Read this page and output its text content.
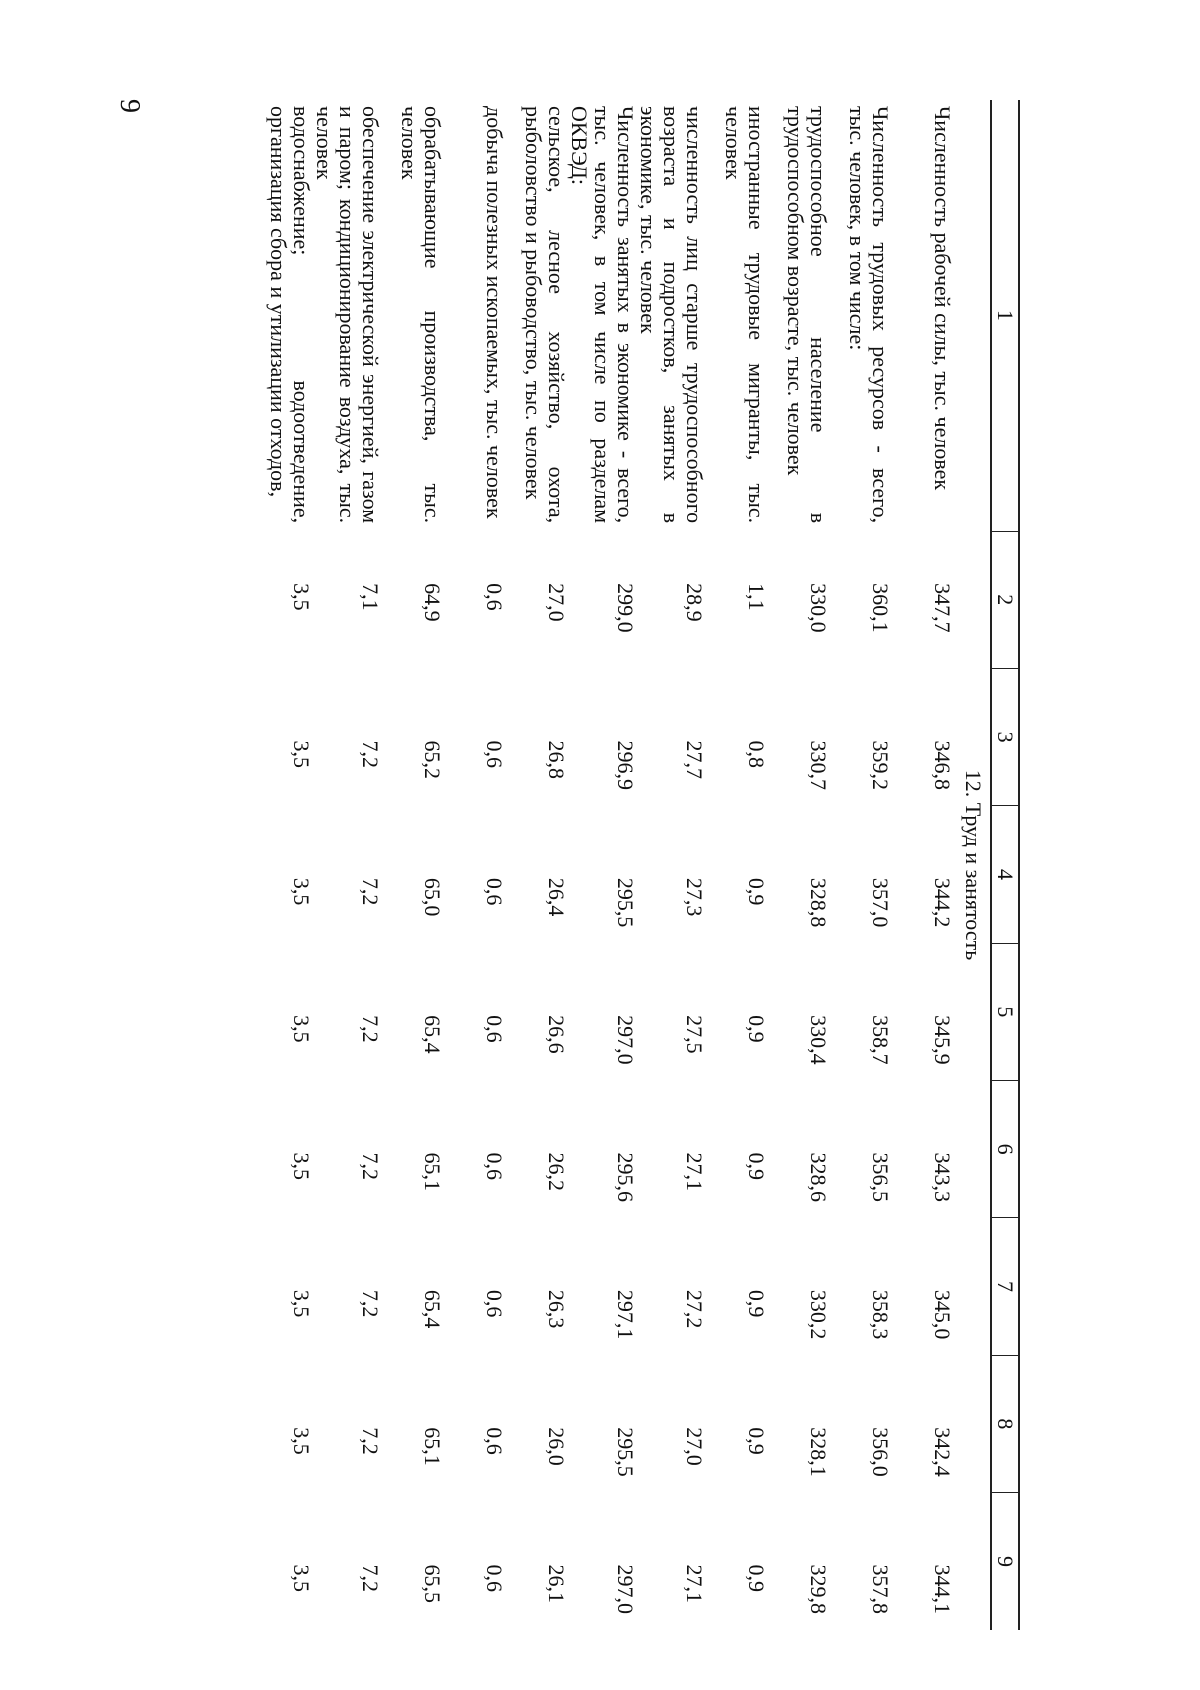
9
1	2	3	4	5	6	7	8	9
12. Труд и занятость								
Численность рабочей силы, тыс. человек	347,7	346,8	344,2	345,9	343,3	345,0	342,4	344,1
Численность трудовых ресурсов - всего, тыс. человек, в том числе:	360,1	359,2	357,0	358,7	356,5	358,3	356,0	357,8
трудоспособное население в трудоспособном возрасте, тыс. человек	330,0	330,7	328,8	330,4	328,6	330,2	328,1	329,8
иностранные трудовые мигранты, тыс. человек	1,1	0,8	0,9	0,9	0,9	0,9	0,9	0,9
численность лиц старше трудоспособного возраста и подростков, занятых в экономике, тыс. человек	28,9	27,7	27,3	27,5	27,1	27,2	27,0	27,1
Численность занятых в экономике - всего, тыс. человек, в том числе по разделам ОКВЭД:	299,0	296,9	295,5	297,0	295,6	297,1	295,5	297,0
сельское, лесное хозяйство, охота, рыболовство и рыбоводство, тыс. человек	27,0	26,8	26,4	26,6	26,2	26,3	26,0	26,1
добыча полезных ископаемых, тыс. человек	0,6	0,6	0,6	0,6	0,6	0,6	0,6	0,6
обрабатывающие производства, тыс. человек	64,9	65,2	65,0	65,4	65,1	65,4	65,1	65,5
обеспечение электрической энергией, газом и паром; кондиционирование воздуха, тыс. человек	7,1	7,2	7,2	7,2	7,2	7,2	7,2	7,2
водоснабжение; водоотведение, организация сбора и утилизации отходов,	3,5	3,5	3,5	3,5	3,5	3,5	3,5	3,5
